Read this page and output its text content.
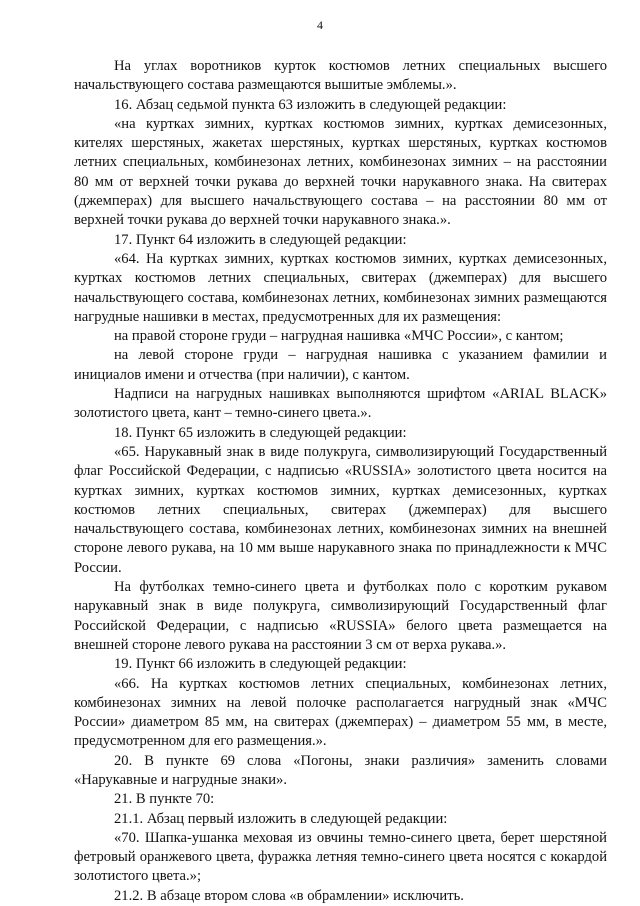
4

На углах воротников курток костюмов летних специальных высшего начальствующего состава размещаются вышитые эмблемы.».

16. Абзац седьмой пункта 63 изложить в следующей редакции:

«на куртках зимних, куртках костюмов зимних, куртках демисезонных, кителях шерстяных, жакетах шерстяных, куртках шерстяных, куртках костюмов летних специальных, комбинезонах летних, комбинезонах зимних – на расстоянии 80 мм от верхней точки рукава до верхней точки нарукавного знака. На свитерах (джемперах) для высшего начальствующего состава – на расстоянии 80 мм от верхней точки рукава до верхней точки нарукавного знака.».

17. Пункт 64 изложить в следующей редакции:

«64. На куртках зимних, куртках костюмов зимних, куртках демисезонных, куртках костюмов летних специальных, свитерах (джемперах) для высшего начальствующего состава, комбинезонах летних, комбинезонах зимних размещаются нагрудные нашивки в местах, предусмотренных для их размещения:

на правой стороне груди – нагрудная нашивка «МЧС России», с кантом;

на левой стороне груди – нагрудная нашивка с указанием фамилии и инициалов имени и отчества (при наличии), с кантом.

Надписи на нагрудных нашивках выполняются шрифтом «ARIAL BLACK» золотистого цвета, кант – темно-синего цвета.».

18. Пункт 65 изложить в следующей редакции:

«65. Нарукавный знак в виде полукруга, символизирующий Государственный флаг Российской Федерации, с надписью «RUSSIA» золотистого цвета носится на куртках зимних, куртках костюмов зимних, куртках демисезонных, куртках костюмов летних специальных, свитерах (джемперах) для высшего начальствующего состава, комбинезонах летних, комбинезонах зимних на внешней стороне левого рукава, на 10 мм выше нарукавного знака по принадлежности к МЧС России.

На футболках темно-синего цвета и футболках поло с коротким рукавом нарукавный знак в виде полукруга, символизирующий Государственный флаг Российской Федерации, с надписью «RUSSIA» белого цвета размещается на внешней стороне левого рукава на расстоянии 3 см от верха рукава.».

19. Пункт 66 изложить в следующей редакции:

«66. На куртках костюмов летних специальных, комбинезонах летних, комбинезонах зимних на левой полочке располагается нагрудный знак «МЧС России» диаметром 85 мм, на свитерах (джемперах) – диаметром 55 мм, в месте, предусмотренном для его размещения.».

20. В пункте 69 слова «Погоны, знаки различия» заменить словами «Нарукавные и нагрудные знаки».

21. В пункте 70:

21.1. Абзац первый изложить в следующей редакции:

«70. Шапка-ушанка меховая из овчины темно-синего цвета, берет шерстяной фетровый оранжевого цвета, фуражка летняя темно-синего цвета носятся с кокардой золотистого цвета.»;

21.2. В абзаце втором слова «в обрамлении» исключить.
